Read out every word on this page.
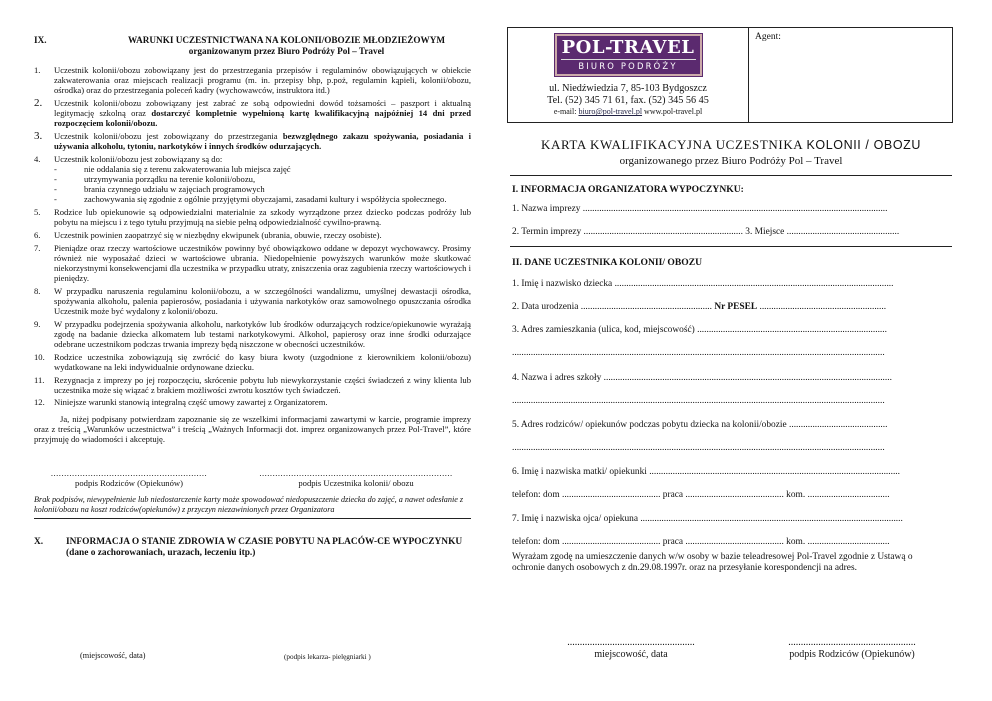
IX.	WARUNKI UCZESTNICTWANA NA KOLONII/OBOZIE MŁODZIEŻOWYM
organizowanym przez Biuro Podróży Pol – Travel
1.	Uczestnik kolonii/obozu zobowiązany jest do przestrzegania przepisów i regulaminów obowiązujących w obiekcie zakwaterowania oraz miejscach realizacji programu (m. in. przepisy bhp, p.poż, regulamin kąpieli, kolonii/obozu, ośrodka) oraz do przestrzegania poleceń kadry (wychowawców, instruktora itd.)
2.	Uczestnik kolonii/obozu zobowiązany jest zabrać ze sobą odpowiedni dowód tożsamości – paszport i aktualną legitymację szkolną oraz dostarczyć kompletnie wypełnioną kartę kwalifikacyjną najpóźniej 14 dni przed rozpoczęciem kolonii/obozu.
3.	Uczestnik kolonii/obozu jest zobowiązany do przestrzegania bezwzględnego zakazu spożywania, posiadania i używania alkoholu, tytoniu, narkotyków i innych środków odurzających.
4.	Uczestnik kolonii/obozu jest zobowiązany są do:
-	nie oddalania się z terenu zakwaterowania lub miejsca zajęć
-	utrzymywania porządku na terenie kolonii/obozu,
-	brania czynnego udziału w zajęciach programowych
-	zachowywania się zgodnie z ogólnie przyjętymi obyczajami, zasadami kultury i współżycia społecznego.
5.	Rodzice lub opiekunowie są odpowiedzialni materialnie za szkody wyrządzone przez dziecko podczas podróży lub pobytu na miejscu i z tego tytułu przyjmują na siebie pełną odpowiedzialność cywilno-prawną.
6.	Uczestnik powinien zaopatrzyć się w niezbędny ekwipunek (ubrania, obuwie, rzeczy osobiste).
7.	Pieniądze oraz rzeczy wartościowe uczestników powinny być obowiązkowo oddane w depozyt wychowawcy. Prosimy również nie wyposażać dzieci w wartościowe ubrania. Niedopełnienie powyższych warunków może skutkować niekorzystnymi konsekwencjami dla uczestnika w przypadku utraty, zniszczenia oraz zagubienia rzeczy wartościowych i pieniędzy.
8.	W przypadku naruszenia regulaminu kolonii/obozu, a w szczególności wandalizmu, umyślnej dewastacji ośrodka, spożywania alkoholu, palenia papierosów, posiadania i używania narkotyków oraz samowolnego opuszczania ośrodka Uczestnik może być wydalony z kolonii/obozu.
9.	W przypadku podejrzenia spożywania alkoholu, narkotyków lub środków odurzających rodzice/opiekunowie wyrażają zgodę na badanie dziecka alkomatem lub testami narkotykowymi. Alkohol, papierosy oraz inne środki odurzające odebrane uczestnikom podczas trwania imprezy będą niszczone w obecności uczestników.
10.	Rodzice uczestnika zobowiązują się zwrócić do kasy biura kwoty (uzgodnione z kierownikiem kolonii/obozu) wydatkowane na leki indywidualnie ordynowane dziecku.
11.	Rezygnacja z imprezy po jej rozpoczęciu, skrócenie pobytu lub niewykorzystanie części świadczeń z winy klienta lub uczestnika może się wiązać z brakiem możliwości zwrotu kosztów tych świadczeń.
12.	Niniejsze warunki stanowią integralną część umowy zawartej z Organizatorem.

Ja, niżej podpisany potwierdzam zapoznanie się ze wszelkimi informacjami zawartymi w karcie, programie imprezy oraz z treścią „Warunków uczestnictwa” i treścią „Ważnych Informacji dot. imprez organizowanych przez Pol-Travel”, które przyjmuję do wiadomości i akceptuję.

...........................................................
podpis Rodziców (Opiekunów)
.........................................................................
podpis Uczestnika kolonii/ obozu

Brak podpisów, niewypełnienie lub niedostarczenie karty może spowodować niedopuszczenie dziecka do zajęć, a nawet odesłanie z kolonii/obozu na koszt rodziców(opiekunów) z przyczyn niezawinionych przez Organizatora

X.	INFORMACJA O STANIE ZDROWIA W CZASIE POBYTU NA PLACÓW-CE WYPOCZYNKU (dane o zachorowaniach, urazach, leczeniu itp.)
(miejscowość, data)	(podpis lekarza- pielęgniarki )
POL-TRAVEL
BIURO PODRÓŻY
ul. Niedźwiedzia 7, 85-103 Bydgoszcz
Tel. (52) 345 71 61, fax. (52) 345 56 45
e-mail: biuro@pol-travel.pl www.pol-travel.pl
Agent:
KARTA KWALIFIKACYJNA UCZESTNIKA KOLONII / OBOZU
organizowanego przez Biuro Podróży Pol – Travel
I. INFORMACJA ORGANIZATORA WYPOCZYNKU:
1. Nazwa imprezy ..................................................................................................................................
2. Termin imprezy .................................................................... 3. Miejsce ................................................
II. DANE UCZESTNIKA KOLONII/ OBOZU
1. Imię i nazwisko dziecka .......................................................................................................................
2. Data urodzenia ........................................................ Nr PESEL ......................................................
3. Adres zamieszkania (ulica, kod, miejscowość) .................................................................................
...............................................................................................................................................................
4. Nazwa i adres szkoły ...........................................................................................................................
...............................................................................................................................................................
5. Adres rodziców/ opiekunów podczas pobytu dziecka na kolonii/obozie ..........................................
...............................................................................................................................................................
6. Imię i nazwiska matki/ opiekunki ...........................................................................................................
telefon: dom .......................................... praca .......................................... kom. ...................................
7. Imię i nazwiska ojca/ opiekuna ................................................................................................................
telefon: dom .......................................... praca .......................................... kom. ...................................
Wyrażam zgodę na umieszczenie danych w/w osoby w bazie teleadresowej Pol-Travel zgodnie z Ustawą o ochronie danych osobowych z dn.29.08.1997r. oraz na przesyłanie korespondencji na adres.
...................................................
miejscowość, data
...................................................
podpis Rodziców (Opiekunów)
